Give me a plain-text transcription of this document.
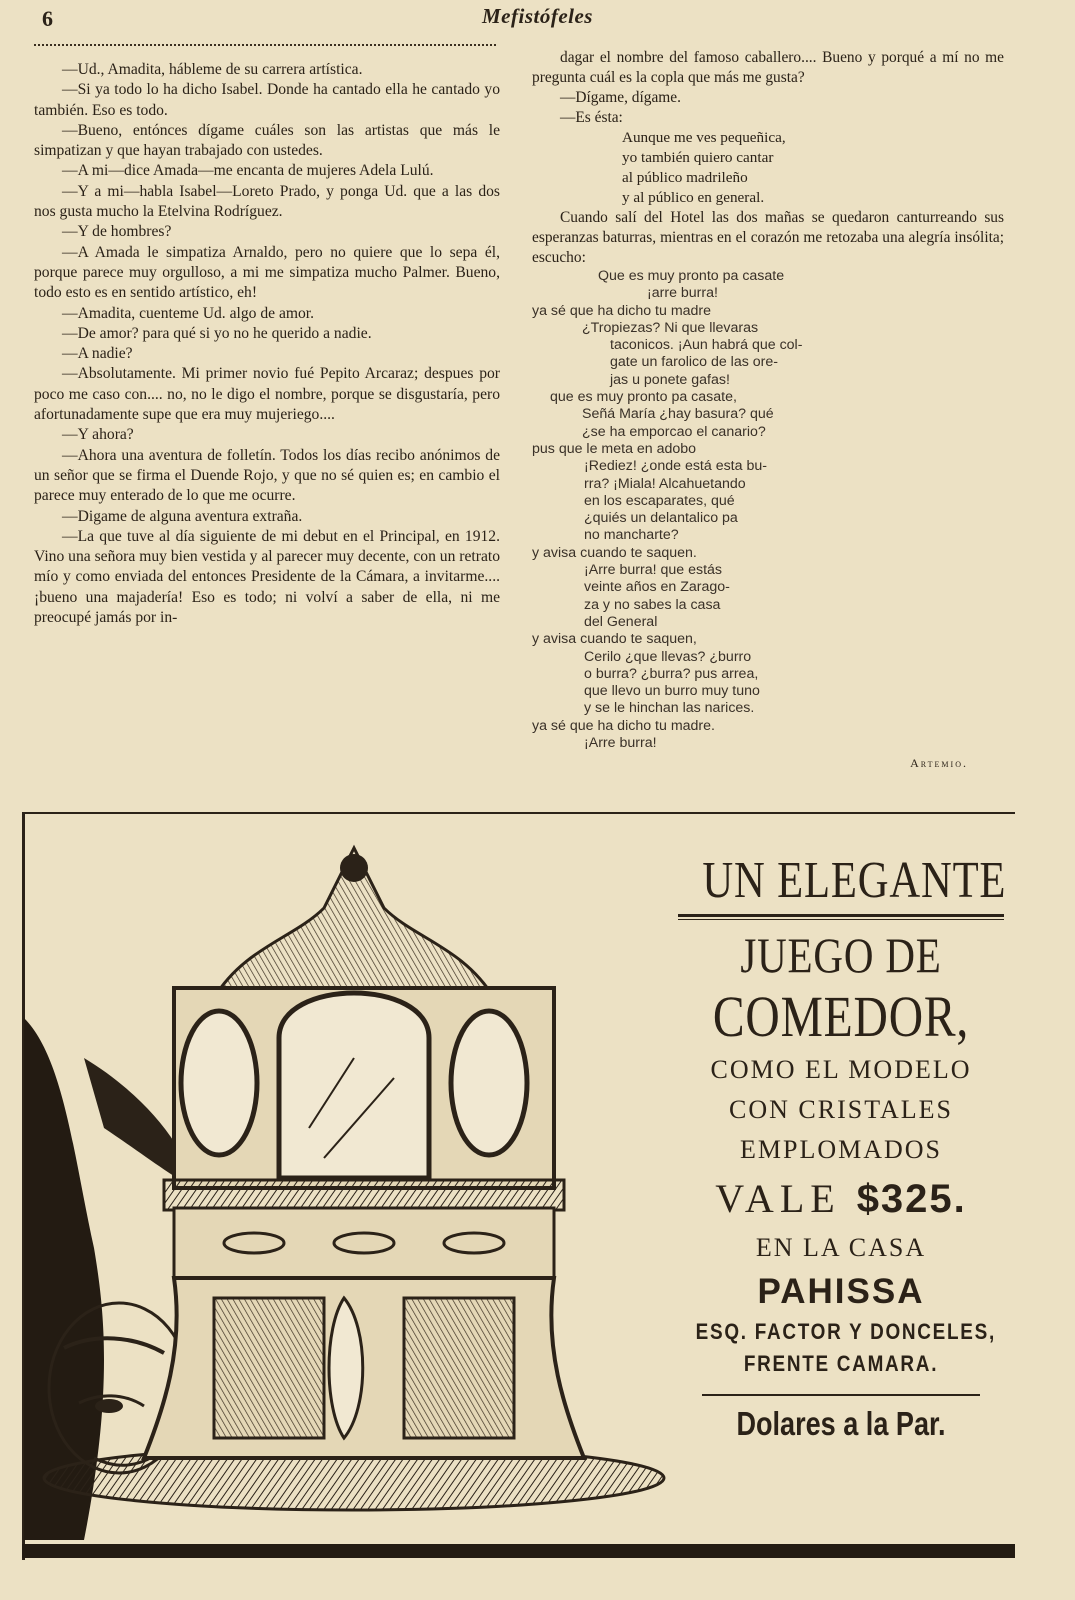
6	Mefistófeles

—Ud., Amadita, hábleme de su carrera artística.

—Si ya todo lo ha dicho Isabel. Donde ha cantado ella he cantado yo también. Eso es todo.

—Bueno, entónces dígame cuáles son las artistas que más le simpatizan y que hayan trabajado con ustedes.

—A mi—dice Amada—me encanta de mujeres Adela Lulú.

—Y a mi—habla Isabel—Loreto Prado, y ponga Ud. que a las dos nos gusta mucho la Etelvina Rodríguez.

—Y de hombres?

—A Amada le simpatiza Arnaldo, pero no quiere que lo sepa él, porque parece muy orgulloso, a mi me simpatiza mucho Palmer. Bueno, todo esto es en sentido artístico, eh!

—Amadita, cuenteme Ud. algo de amor.

—De amor? para qué si yo no he querido a nadie.

—A nadie?

—Absolutamente. Mi primer novio fué Pepito Arcaraz; despues por poco me caso con.... no, no le digo el nombre, porque se disgustaría, pero afortunadamente supe que era muy mujeriego....

—Y ahora?

—Ahora una aventura de folletín. Todos los días recibo anónimos de un señor que se firma el Duende Rojo, y que no sé quien es; en cambio el parece muy enterado de lo que me ocurre.

—Digame de alguna aventura extraña.

—La que tuve al día siguiente de mi debut en el Principal, en 1912. Vino una señora muy bien vestida y al parecer muy decente, con un retrato mío y como enviada del entonces Presidente de la Cámara, a invitarme.... ¡bueno una majadería! Eso es todo; ni volví a saber de ella, ni me preocupé jamás por in-

dagar el nombre del famoso caballero.... Bueno y porqué a mí no me pregunta cuál es la copla que más me gusta?

—Dígame, dígame.

—Es ésta:

Aunque me ves pequeñica,

yo también quiero cantar

al público madrileño

y al público en general.

Cuando salí del Hotel las dos mañas se quedaron canturreando sus esperanzas baturras, mientras en el corazón me retozaba una alegría insólita; escucho:

Que es muy pronto pa casate

¡arre burra!

ya sé que ha dicho tu madre

¿Tropiezas? Ni que llevaras

taconicos. ¡Aun habrá que col-

gate un farolico de las ore-

jas u ponete gafas!

que es muy pronto pa casate,

Señá María ¿hay basura? qué

¿se ha emporcao el canario?

pus que le meta en adobo

¡Rediez! ¿onde está esta bu-

rra? ¡Miala! Alcahuetando

en los escaparates, qué

¿quiés un delantalico pa

no mancharte?

y avisa cuando te saquen.

¡Arre burra! que estás

veinte años en Zarago-

za y no sabes la casa

del General

y avisa cuando te saquen,

Cerilo ¿que llevas? ¿burro

o burra? ¿burra? pus arrea,

que llevo un burro muy tuno

y se le hinchan las narices.

ya sé que ha dicho tu madre.

¡Arre burra!

Artemio.

UN ELEGANTE
JUEGO DE
COMEDOR,
COMO EL MODELO
CON CRISTALES
EMPLOMADOS
VALE $325.
EN LA CASA
PAHISSA
ESQ. FACTOR Y DONCELES,
FRENTE CAMARA.
Dolares a la Par.
